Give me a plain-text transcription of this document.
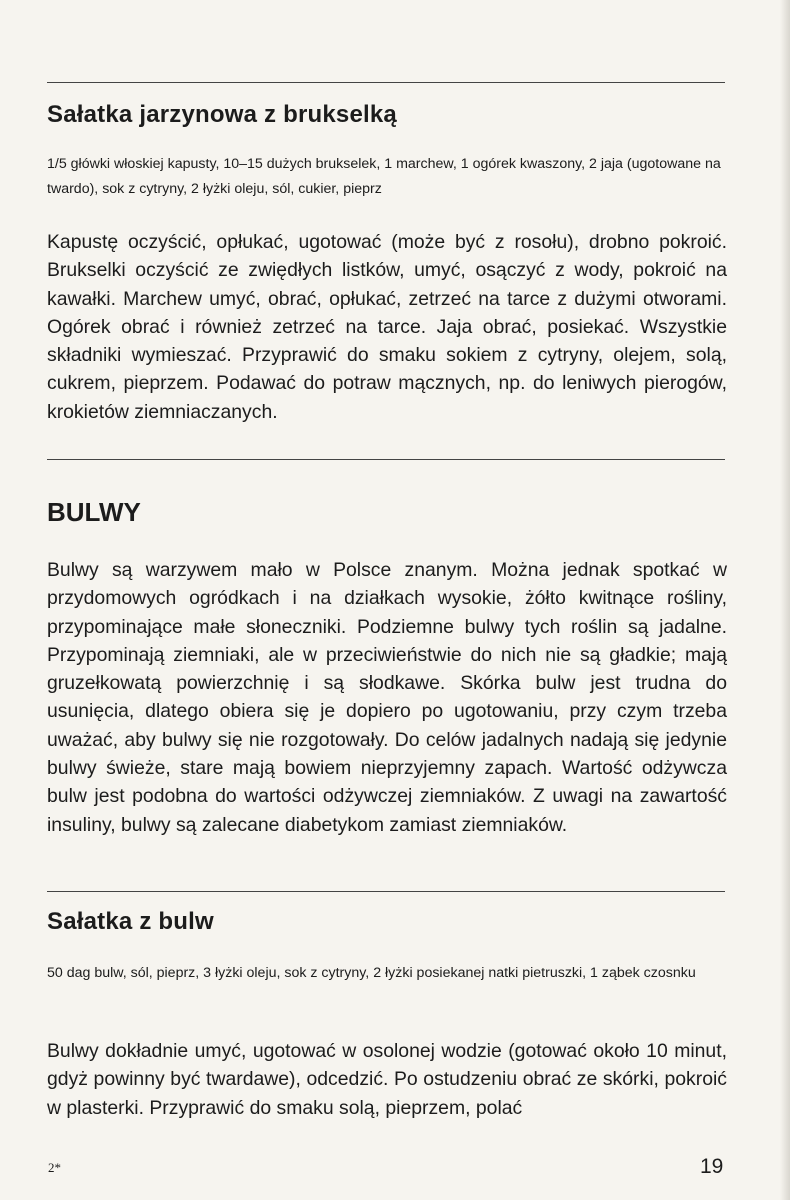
Sałatka jarzynowa z brukselką

1/5 główki włoskiej kapusty, 10–15 dużych brukselek, 1 marchew, 1 ogórek kwaszony, 2 jaja (ugotowane na twardo), sok z cytryny, 2 łyżki oleju, sól, cukier, pieprz

Kapustę oczyścić, opłukać, ugotować (może być z rosołu), drobno pokroić. Brukselki oczyścić ze zwiędłych listków, umyć, osączyć z wody, pokroić na kawałki. Marchew umyć, obrać, opłukać, zetrzeć na tarce z dużymi otworami. Ogórek obrać i również zetrzeć na tarce. Jaja obrać, posiekać. Wszystkie składniki wymieszać. Przyprawić do smaku sokiem z cytryny, olejem, solą, cukrem, pieprzem. Podawać do potraw mącznych, np. do leniwych pierogów, krokietów ziemniaczanych.

BULWY

Bulwy są warzywem mało w Polsce znanym. Można jednak spotkać w przydomowych ogródkach i na działkach wysokie, żółto kwitnące rośliny, przypominające małe słoneczniki. Podziemne bulwy tych roślin są jadalne. Przypominają ziemniaki, ale w przeciwieństwie do nich nie są gładkie; mają gruzełkowatą powierzchnię i są słodkawe. Skórka bulw jest trudna do usunięcia, dlatego obiera się je dopiero po ugotowaniu, przy czym trzeba uważać, aby bulwy się nie rozgotowały. Do celów jadalnych nadają się jedynie bulwy świeże, stare mają bowiem nieprzyjemny zapach. Wartość odżywcza bulw jest podobna do wartości odżywczej ziemniaków. Z uwagi na zawartość insuliny, bulwy są zalecane diabetykom zamiast ziemniaków.

Sałatka z bulw

50 dag bulw, sól, pieprz, 3 łyżki oleju, sok z cytryny, 2 łyżki posiekanej natki pietruszki, 1 ząbek czosnku

Bulwy dokładnie umyć, ugotować w osolonej wodzie (gotować około 10 minut, gdyż powinny być twardawe), odcedzić. Po ostudzeniu obrać ze skórki, pokroić w plasterki. Przyprawić do smaku solą, pieprzem, polać

2*	19
